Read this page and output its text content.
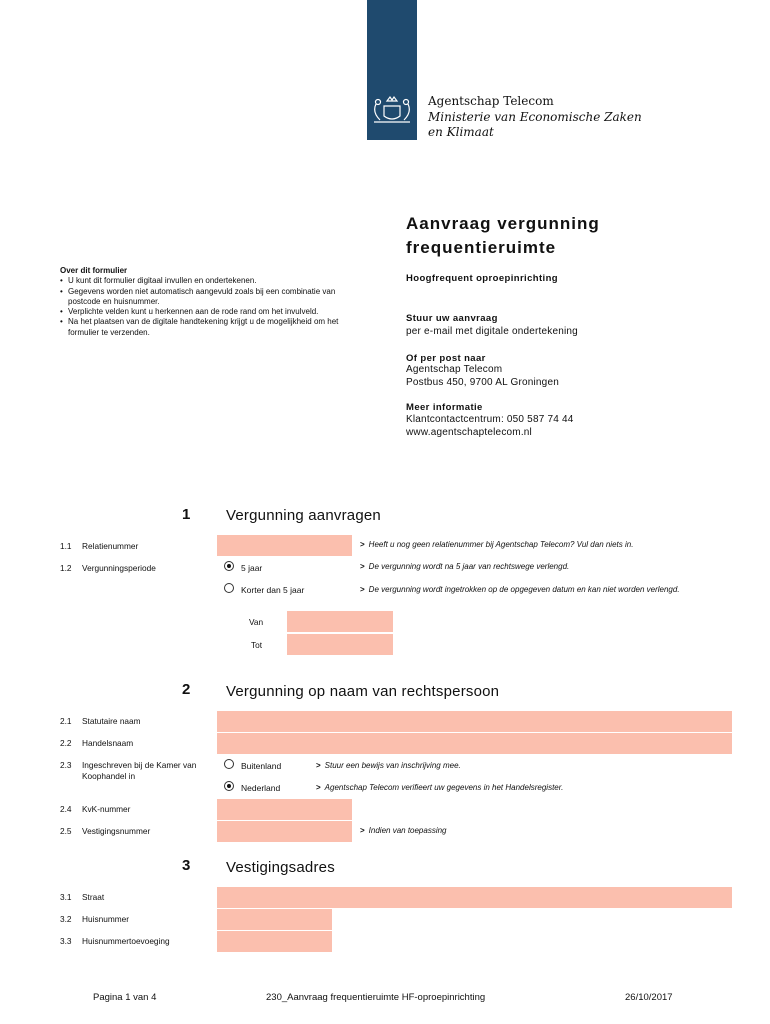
Agentschap Telecom
Ministerie van Economische Zaken
en Klimaat
Aanvraag vergunning
frequentieruimte
Hoogfrequent oproepinrichting
Over dit formulier
• U kunt dit formulier digitaal invullen en ondertekenen.
• Gegevens worden niet automatisch aangevuld zoals bij een combinatie van postcode en huisnummer.
• Verplichte velden kunt u herkennen aan de rode rand om het invulveld.
• Na het plaatsen van de digitale handtekening krijgt u de mogelijkheid om het formulier te verzenden.
Stuur uw aanvraag
per e-mail met digitale ondertekening
Of per post naar
Agentschap Telecom
Postbus 450, 9700 AL Groningen
Meer informatie
Klantcontactcentrum: 050 587 74 44
www.agentschaptelecom.nl
1 Vergunning aanvragen
1.1 Relatienummer	> Heeft u nog geen relatienummer bij Agentschap Telecom? Vul dan niets in.
1.2 Vergunningsperiode	5 jaar	> De vergunning wordt na 5 jaar van rechtswege verlengd.
Korter dan 5 jaar	> De vergunning wordt ingetrokken op de opgegeven datum en kan niet worden verlengd.
Van
Tot
2 Vergunning op naam van rechtspersoon
2.1 Statutaire naam
2.2 Handelsnaam
2.3 Ingeschreven bij de Kamer van Koophandel in
Buitenland	> Stuur een bewijs van inschrijving mee.
Nederland	> Agentschap Telecom verifieert uw gegevens in het Handelsregister.
2.4 KvK-nummer
2.5 Vestigingsnummer	> Indien van toepassing
3 Vestigingsadres
3.1 Straat
3.2 Huisnummer
3.3 Huisnummertoevoeging
Pagina 1 van 4	230_Aanvraag frequentieruimte HF-oproepinrichting	26/10/2017
